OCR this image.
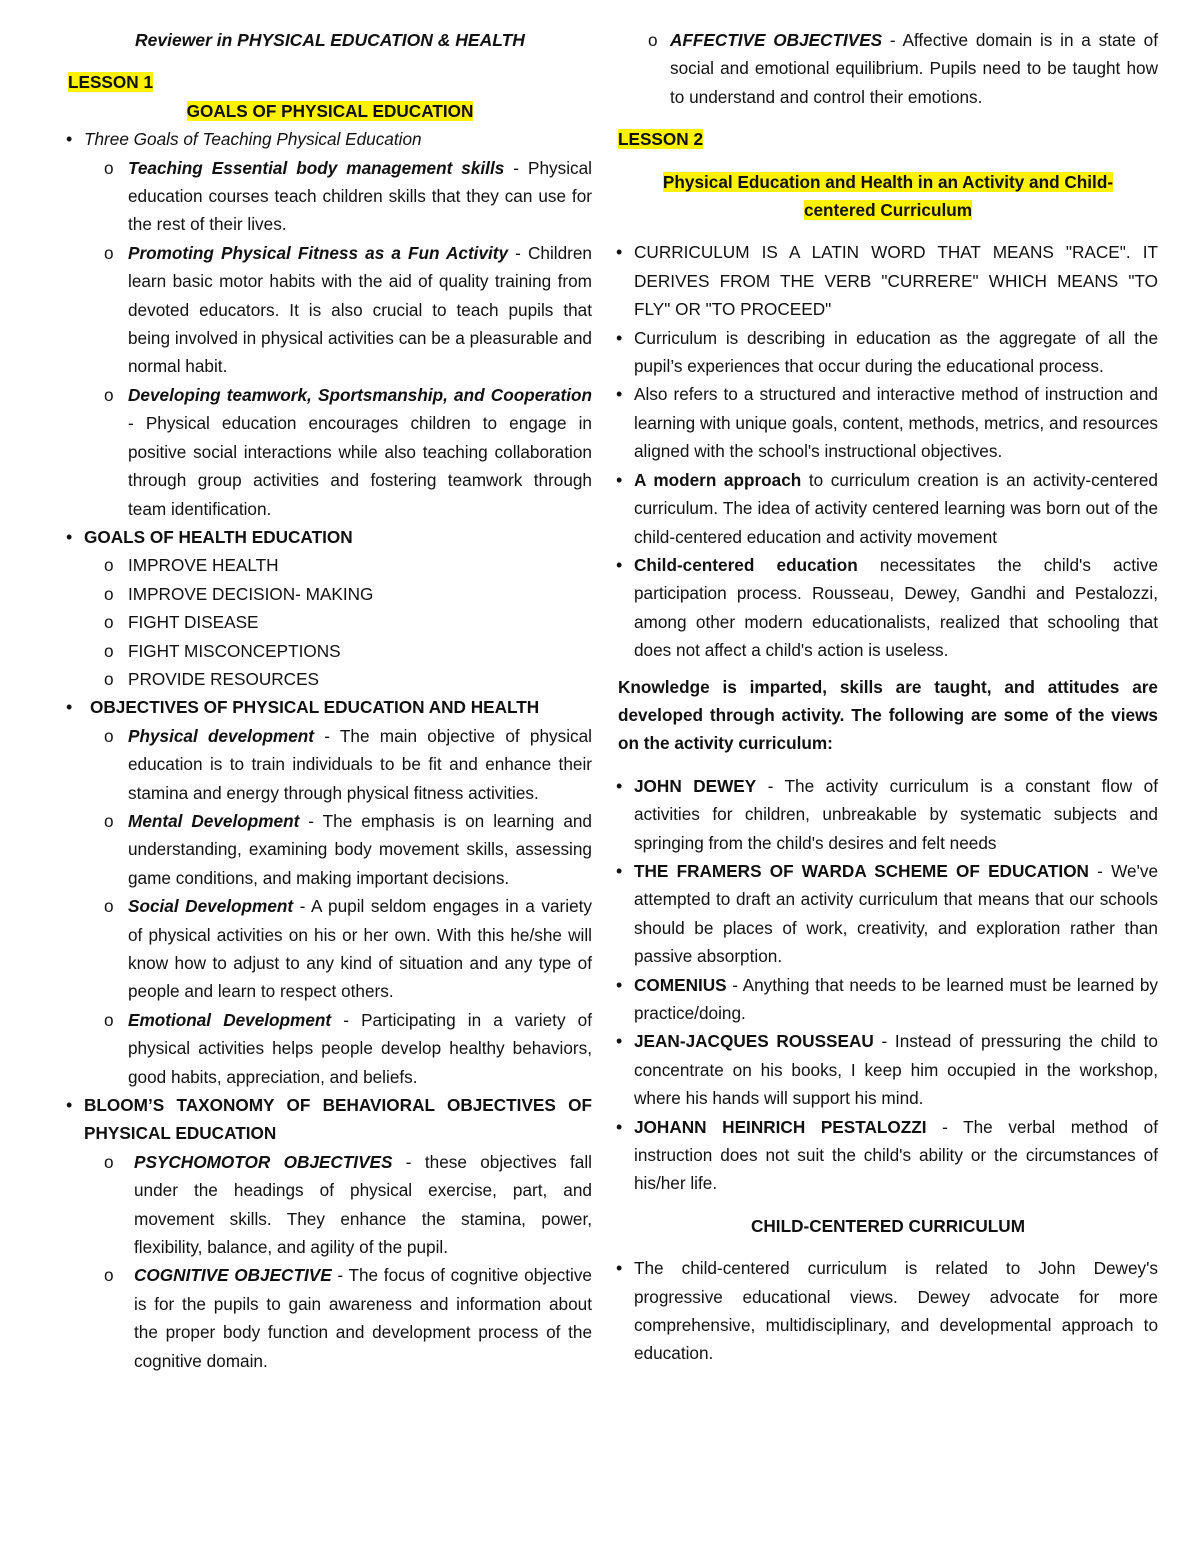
Reviewer in PHYSICAL EDUCATION & HEALTH

LESSON 1

GOALS OF PHYSICAL EDUCATION

• Three Goals of Teaching Physical Education
o Teaching Essential body management skills - Physical education courses teach children skills that they can use for the rest of their lives.
o Promoting Physical Fitness as a Fun Activity - Children learn basic motor habits with the aid of quality training from devoted educators. It is also crucial to teach pupils that being involved in physical activities can be a pleasurable and normal habit.
o Developing teamwork, Sportsmanship, and Cooperation - Physical education encourages children to engage in positive social interactions while also teaching collaboration through group activities and fostering teamwork through team identification.
• GOALS OF HEALTH EDUCATION
o IMPROVE HEALTH
o IMPROVE DECISION- MAKING
o FIGHT DISEASE
o FIGHT MISCONCEPTIONS
o PROVIDE RESOURCES
• OBJECTIVES OF PHYSICAL EDUCATION AND HEALTH
o Physical development - The main objective of physical education is to train individuals to be fit and enhance their stamina and energy through physical fitness activities.
o Mental Development - The emphasis is on learning and understanding, examining body movement skills, assessing game conditions, and making important decisions.
o Social Development - A pupil seldom engages in a variety of physical activities on his or her own. With this he/she will know how to adjust to any kind of situation and any type of people and learn to respect others.
o Emotional Development - Participating in a variety of physical activities helps people develop healthy behaviors, good habits, appreciation, and beliefs.
• BLOOM’S TAXONOMY OF BEHAVIORAL OBJECTIVES OF PHYSICAL EDUCATION
o PSYCHOMOTOR OBJECTIVES - these objectives fall under the headings of physical exercise, part, and movement skills. They enhance the stamina, power, flexibility, balance, and agility of the pupil.
o COGNITIVE OBJECTIVE - The focus of cognitive objective is for the pupils to gain awareness and information about the proper body function and development process of the cognitive domain.
o AFFECTIVE OBJECTIVES - Affective domain is in a state of social and emotional equilibrium. Pupils need to be taught how to understand and control their emotions.

LESSON 2

Physical Education and Health in an Activity and Child-
centered Curriculum

• CURRICULUM IS A LATIN WORD THAT MEANS "RACE". IT DERIVES FROM THE VERB "CURRERE" WHICH MEANS "TO FLY" OR "TO PROCEED"
• Curriculum is describing in education as the aggregate of all the pupil’s experiences that occur during the educational process.
• Also refers to a structured and interactive method of instruction and learning with unique goals, content, methods, metrics, and resources aligned with the school's instructional objectives.
• A modern approach to curriculum creation is an activity-centered curriculum. The idea of activity centered learning was born out of the child-centered education and activity movement
• Child-centered education necessitates the child's active participation process. Rousseau, Dewey, Gandhi and Pestalozzi, among other modern educationalists, realized that schooling that does not affect a child's action is useless.

Knowledge is imparted, skills are taught, and attitudes are developed through activity. The following are some of the views on the activity curriculum:

• JOHN DEWEY - The activity curriculum is a constant flow of activities for children, unbreakable by systematic subjects and springing from the child's desires and felt needs
• THE FRAMERS OF WARDA SCHEME OF EDUCATION - We've attempted to draft an activity curriculum that means that our schools should be places of work, creativity, and exploration rather than passive absorption.
• COMENIUS - Anything that needs to be learned must be learned by practice/doing.
• JEAN-JACQUES ROUSSEAU - Instead of pressuring the child to concentrate on his books, I keep him occupied in the workshop, where his hands will support his mind.
• JOHANN HEINRICH PESTALOZZI - The verbal method of instruction does not suit the child's ability or the circumstances of his/her life.

CHILD-CENTERED CURRICULUM

• The child-centered curriculum is related to John Dewey's progressive educational views. Dewey advocate for more comprehensive, multidisciplinary, and developmental approach to education.
